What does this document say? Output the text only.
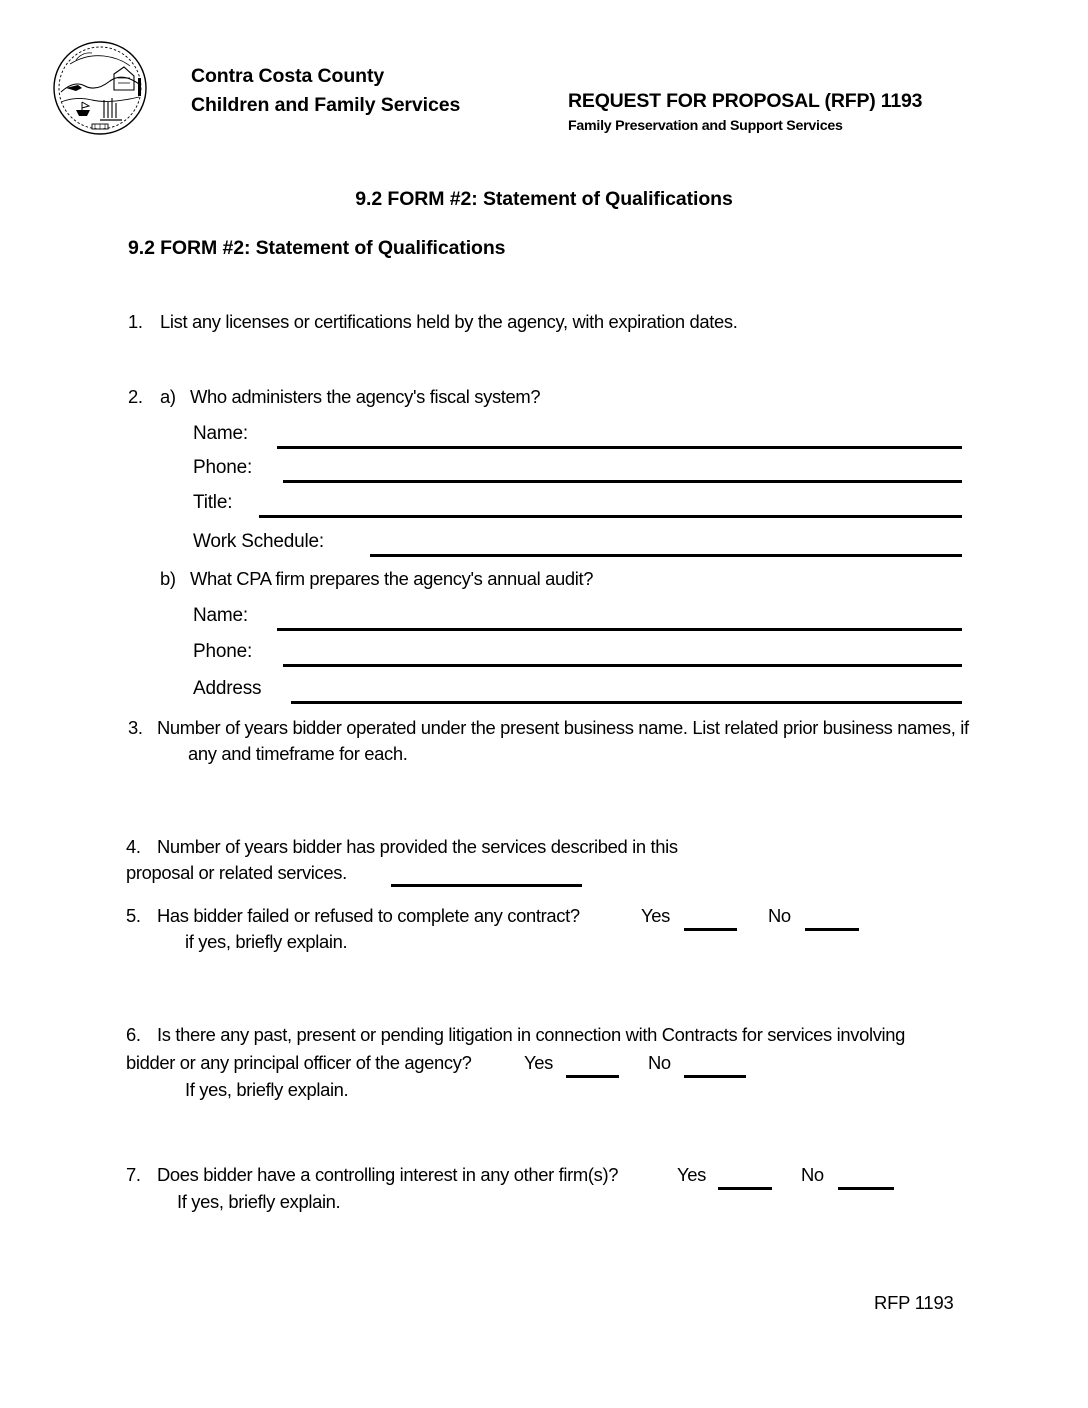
Contra Costa County
Children and Family Services	REQUEST FOR PROPOSAL (RFP) 1193
Family Preservation and Support Services
9.2 FORM #2: Statement of Qualifications
9.2 FORM #2: Statement of Qualifications
1. List any licenses or certifications held by the agency, with expiration dates.
2. a) Who administers the agency's fiscal system?
Name:
Phone:
Title:
Work Schedule:
b) What CPA firm prepares the agency's annual audit?
Name:
Phone:
Address
3. Number of years bidder operated under the present business name. List related prior business names, if
any and timeframe for each.
4. Number of years bidder has provided the services described in this
proposal or related services.
5. Has bidder failed or refused to complete any contract?	Yes	No
if yes, briefly explain.
6. Is there any past, present or pending litigation in connection with Contracts for services involving
bidder or any principal officer of the agency?	Yes	No
If yes, briefly explain.
7. Does bidder have a controlling interest in any other firm(s)?	Yes	No
If yes, briefly explain.
RFP 1193
